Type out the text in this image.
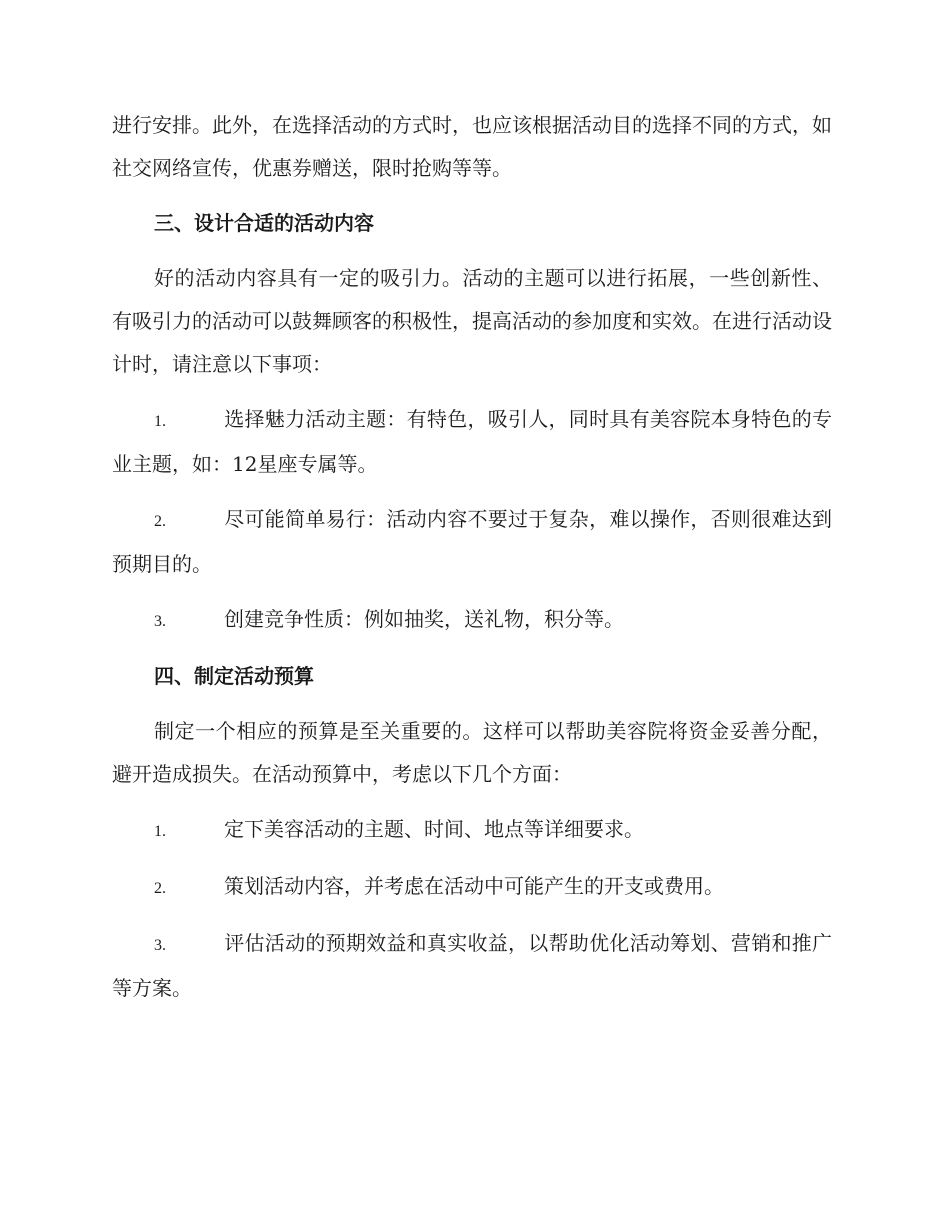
进行安排。此外，在选择活动的方式时，也应该根据活动目的选择不同的方式，如社交网络宣传，优惠券赠送，限时抢购等等。

三、设计合适的活动内容

好的活动内容具有一定的吸引力。活动的主题可以进行拓展，一些创新性、有吸引力的活动可以鼓舞顾客的积极性，提高活动的参加度和实效。在进行活动设计时，请注意以下事项：

1.	选择魅力活动主题：有特色，吸引人，同时具有美容院本身特色的专业主题，如：12星座专属等。
2.	尽可能简单易行：活动内容不要过于复杂，难以操作，否则很难达到预期目的。
3.	创建竞争性质：例如抽奖，送礼物，积分等。
四、制定活动预算

制定一个相应的预算是至关重要的。这样可以帮助美容院将资金妥善分配，避开造成损失。在活动预算中，考虑以下几个方面：

1.	定下美容活动的主题、时间、地点等详细要求。
2.	策划活动内容，并考虑在活动中可能产生的开支或费用。
3.	评估活动的预期效益和真实收益，以帮助优化活动筹划、营销和推广等方案。
